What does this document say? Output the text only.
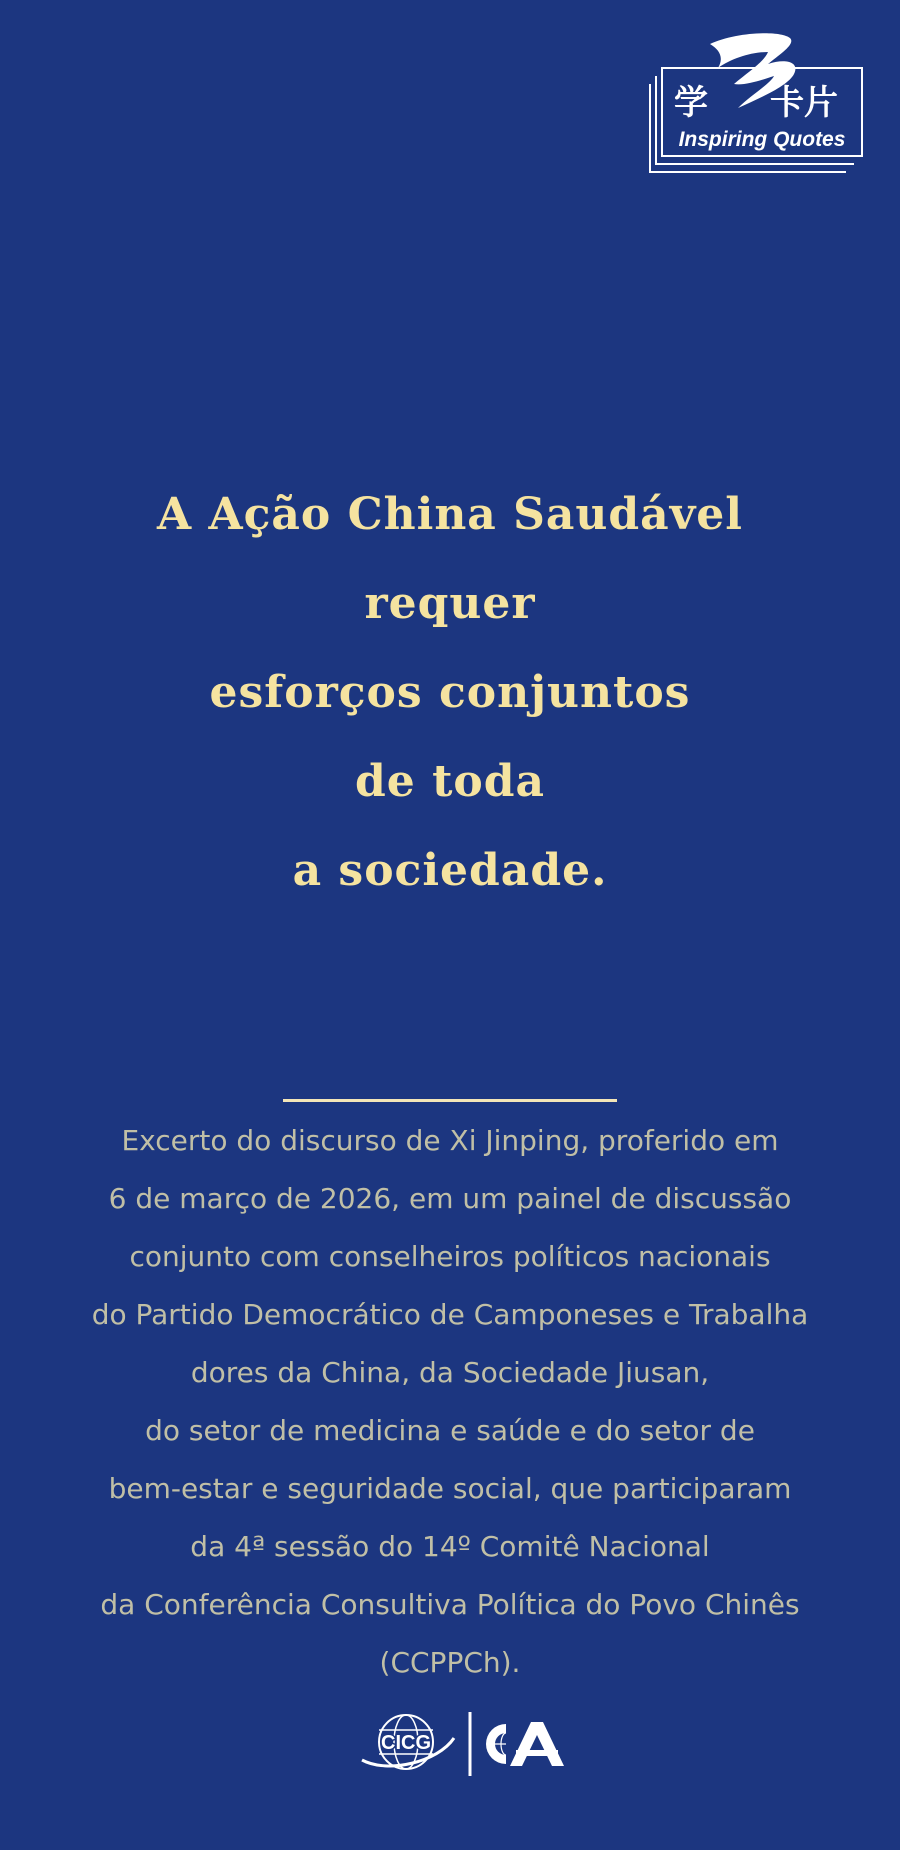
学 卡片
Inspiring Quotes
A Ação China Saudável
requer
esforços conjuntos
de toda
a sociedade.
Excerto do discurso de Xi Jinping, proferido em
6 de março de 2026, em um painel de discussão
conjunto com conselheiros políticos nacionais
do Partido Democrático de Camponeses e Trabalha
dores da China, da Sociedade Jiusan,
do setor de medicina e saúde e do setor de
bem-estar e seguridade social, que participaram
da 4ª sessão do 14º Comitê Nacional
da Conferência Consultiva Política do Povo Chinês
(CCPPCh).
CICG
CA
